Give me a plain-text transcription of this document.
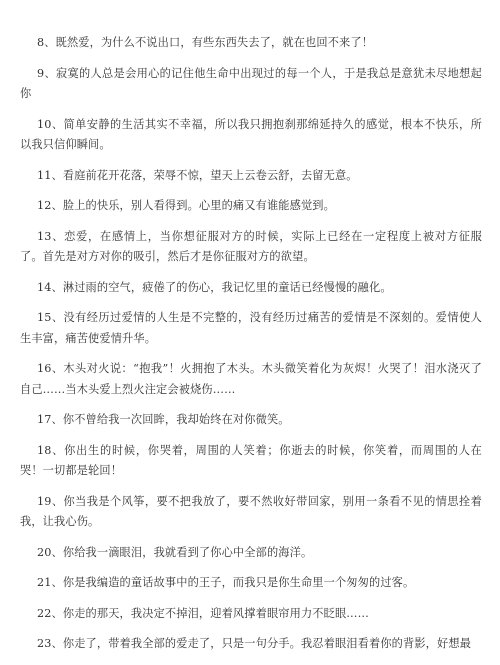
8、既然爱，为什么不说出口，有些东西失去了，就在也回不来了！

9、寂寞的人总是会用心的记住他生命中出现过的每一个人，于是我总是意犹未尽地想起你

10、简单安静的生活其实不幸福，所以我只拥抱刹那绵延持久的感觉，根本不快乐，所以我只信仰瞬间。

11、看庭前花开花落，荣辱不惊，望天上云卷云舒，去留无意。

12、脸上的快乐，别人看得到。心里的痛又有谁能感觉到。

13、恋爱，在感情上，当你想征服对方的时候，实际上已经在一定程度上被对方征服了。首先是对方对你的吸引，然后才是你征服对方的欲望。

14、淋过雨的空气，疲倦了的伤心，我记忆里的童话已经慢慢的融化。

15、没有经历过爱情的人生是不完整的，没有经历过痛苦的爱情是不深刻的。爱情使人生丰富，痛苦使爱情升华。

16、木头对火说：“抱我”！火拥抱了木头。木头微笑着化为灰烬！火哭了！泪水浇灭了自己……当木头爱上烈火注定会被烧伤……

17、你不曾给我一次回眸，我却始终在对你微笑。

18、你出生的时候，你哭着，周围的人笑着；你逝去的时候，你笑着，而周围的人在哭！一切都是轮回！

19、你当我是个风筝，要不把我放了，要不然收好带回家，别用一条看不见的情思拴着我，让我心伤。

20、你给我一滴眼泪，我就看到了你心中全部的海洋。

21、你是我编造的童话故事中的王子，而我只是你生命里一个匆匆的过客。

22、你走的那天，我决定不掉泪，迎着风撑着眼帘用力不眨眼……

23、你走了，带着我全部的爱走了，只是一句分手。我忍着眼泪看着你的背影，好想最
